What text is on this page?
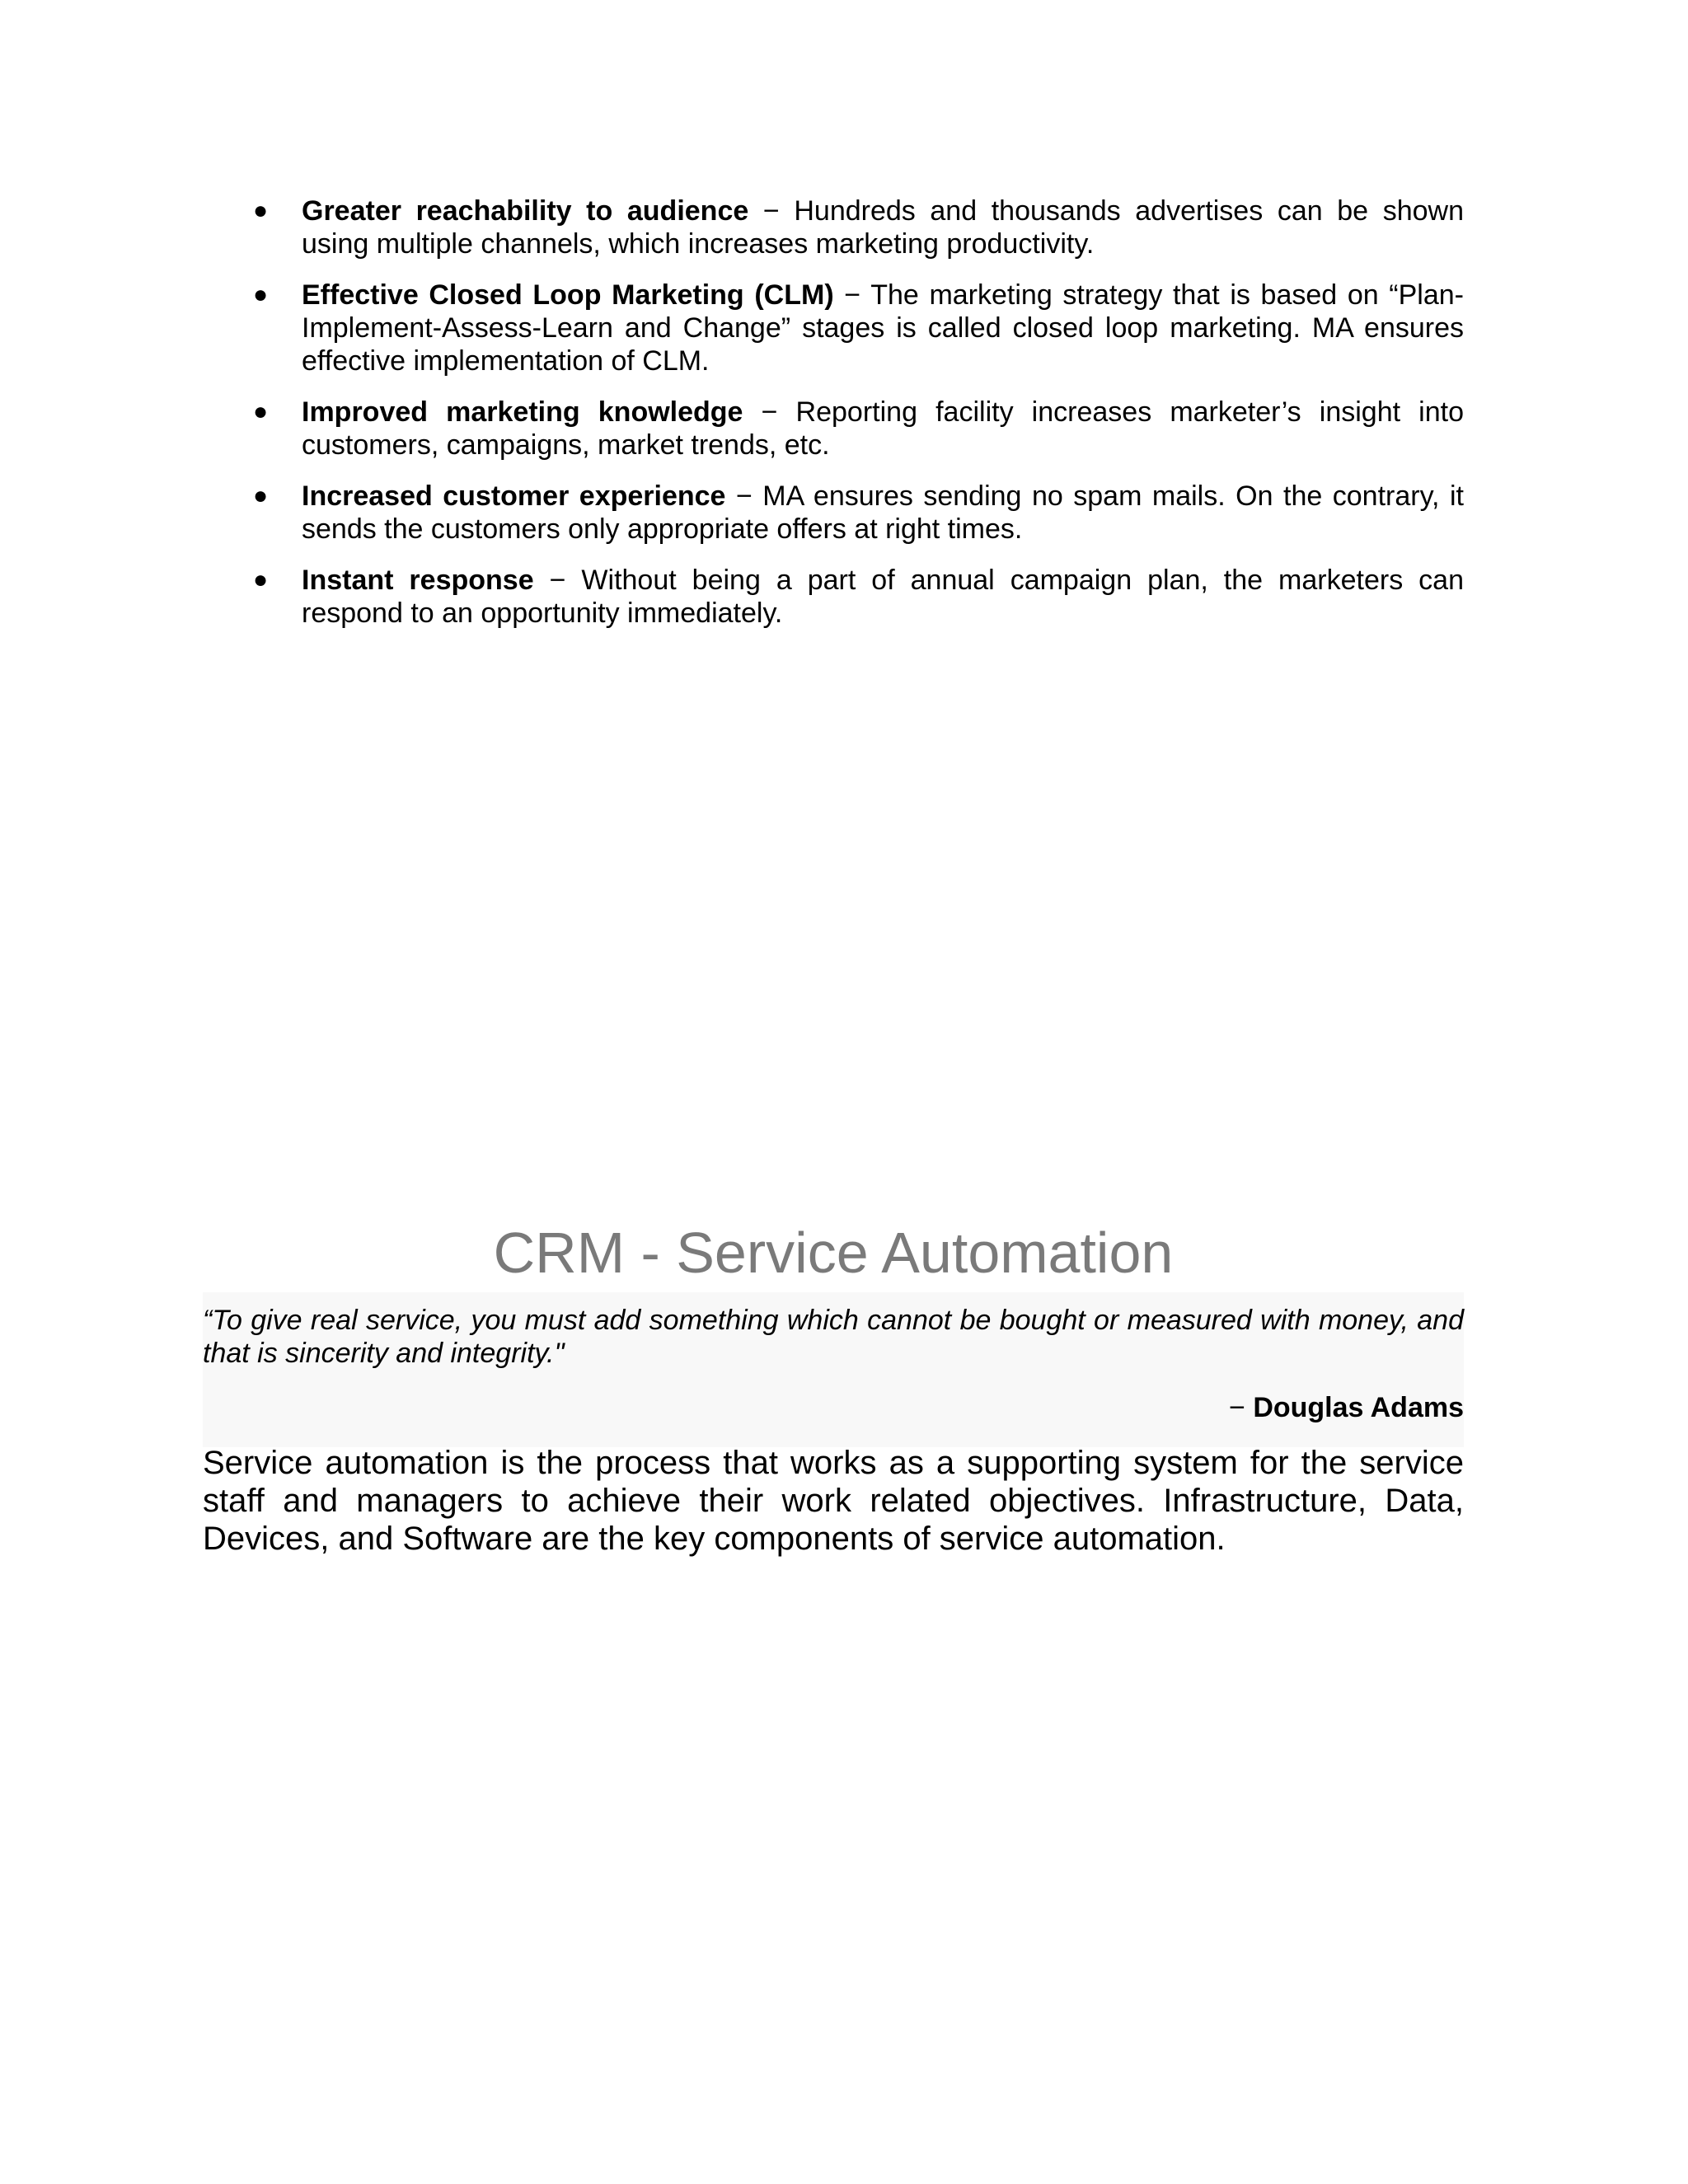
● Greater reachability to audience − Hundreds and thousands advertises can be shown using multiple channels, which increases marketing productivity.
● Effective Closed Loop Marketing (CLM) − The marketing strategy that is based on “Plan-Implement-Assess-Learn and Change” stages is called closed loop marketing. MA ensures effective implementation of CLM.
● Improved marketing knowledge − Reporting facility increases marketer’s insight into customers, campaigns, market trends, etc.
● Increased customer experience − MA ensures sending no spam mails. On the contrary, it sends the customers only appropriate offers at right times.
● Instant response − Without being a part of annual campaign plan, the marketers can respond to an opportunity immediately.
CRM - Service Automation

“To give real service, you must add something which cannot be bought or measured with money, and that is sincerity and integrity."

− Douglas Adams

Service automation is the process that works as a supporting system for the service staff and managers to achieve their work related objectives. Infrastructure, Data, Devices, and Software are the key components of service automation.
